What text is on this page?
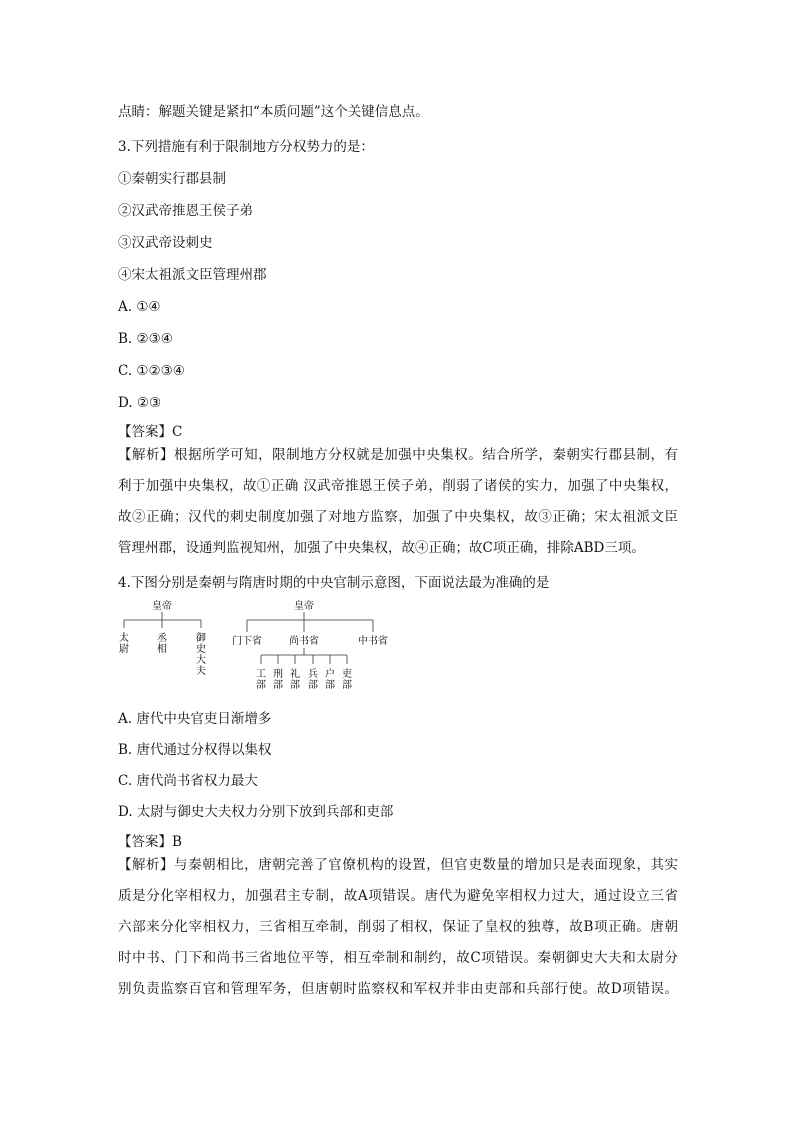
点睛：解题关键是紧扣“本质问题”这个关键信息点。
3.下列措施有利于限制地方分权势力的是：
①秦朝实行郡县制
②汉武帝推恩王侯子弟
③汉武帝设刺史
④宋太祖派文臣管理州郡
A. ①④
B. ②③④
C. ①②③④
D. ②③
【答案】C
【解析】根据所学可知，限制地方分权就是加强中央集权。结合所学，秦朝实行郡县制，有
利于加强中央集权，故①正确 汉武帝推恩王侯子弟，削弱了诸侯的实力，加强了中央集权，
故②正确；汉代的刺史制度加强了对地方监察，加强了中央集权，故③正确；宋太祖派文臣
管理州郡，设通判监视知州，加强了中央集权，故④正确；故C项正确，排除ABD三项。
4.下图分别是秦朝与隋唐时期的中央官制示意图，下面说法最为准确的是
皇帝
太尉
丞相
御史大夫
皇帝
门下省	尚书省	中书省
工部
刑部
礼部
兵部
户部
吏部
A. 唐代中央官吏日渐增多
B. 唐代通过分权得以集权
C. 唐代尚书省权力最大
D. 太尉与御史大夫权力分别下放到兵部和吏部
【答案】B
【解析】与秦朝相比，唐朝完善了官僚机构的设置，但官吏数量的增加只是表面现象，其实
质是分化宰相权力，加强君主专制，故A项错误。唐代为避免宰相权力过大，通过设立三省
六部来分化宰相权力，三省相互牵制，削弱了相权，保证了皇权的独尊，故B项正确。唐朝
时中书、门下和尚书三省地位平等，相互牵制和制约，故C项错误。秦朝御史大夫和太尉分
别负责监察百官和管理军务，但唐朝时监察权和军权并非由吏部和兵部行使。故D项错误。
